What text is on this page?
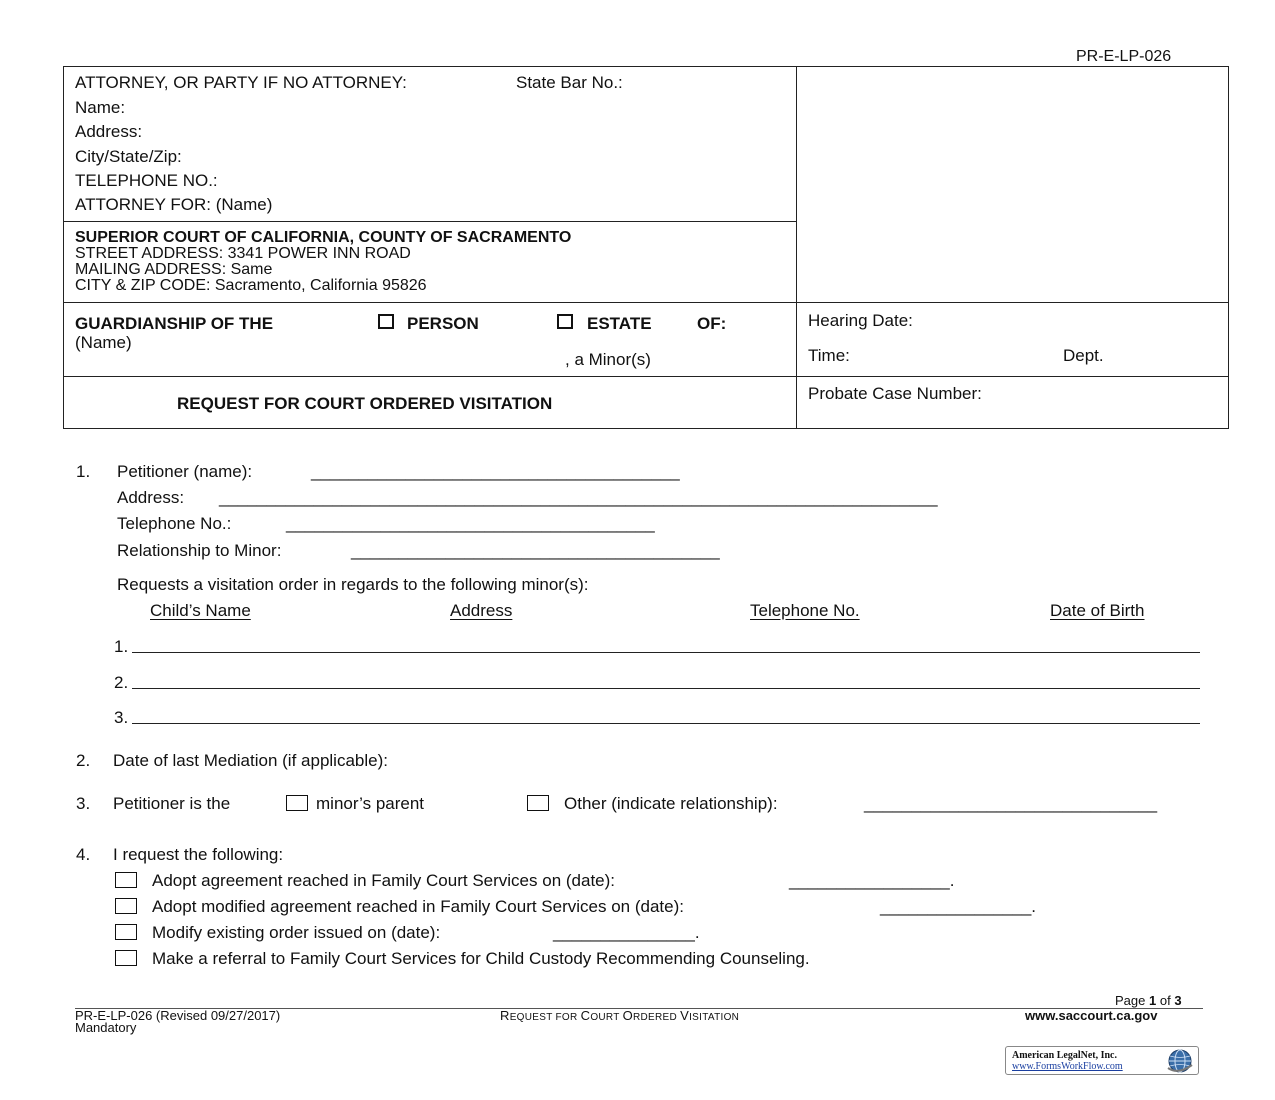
PR-E-LP-026
ATTORNEY, OR PARTY IF NO ATTORNEY:	State Bar No.:
Name:
Address:
City/State/Zip:
TELEPHONE NO.:
ATTORNEY FOR: (Name)
SUPERIOR COURT OF CALIFORNIA, COUNTY OF SACRAMENTO
STREET ADDRESS: 3341 POWER INN ROAD
MAILING ADDRESS: Same
CITY & ZIP CODE: Sacramento, California 95826
GUARDIANSHIP OF THE	PERSON	ESTATE	OF:
(Name)
, a Minor(s)
Hearing Date:
Time:	Dept.
REQUEST FOR COURT ORDERED VISITATION
Probate Case Number:
1. Petitioner (name):	_______________________________________
Address: ____________________________________________________________________________
Telephone No.:	_______________________________________
Relationship to Minor:	_______________________________________
Requests a visitation order in regards to the following minor(s):
Child’s Name	Address	Telephone No.	Date of Birth
1.
2.
3.
2. Date of last Mediation (if applicable):
3. Petitioner is the	minor’s parent	Other (indicate relationship):	_______________________________
4. I request the following:
Adopt agreement reached in Family Court Services on (date):	_________________.
Adopt modified agreement reached in Family Court Services on (date):	________________.
Modify existing order issued on (date):	_______________.
Make a referral to Family Court Services for Child Custody Recommending Counseling.
Page 1 of 3
PR-E-LP-026 (Revised 09/27/2017)
Mandatory
REQUEST FOR COURT ORDERED VISITATION	www.saccourt.ca.gov
American LegalNet, Inc.
www.FormsWorkFlow.com
